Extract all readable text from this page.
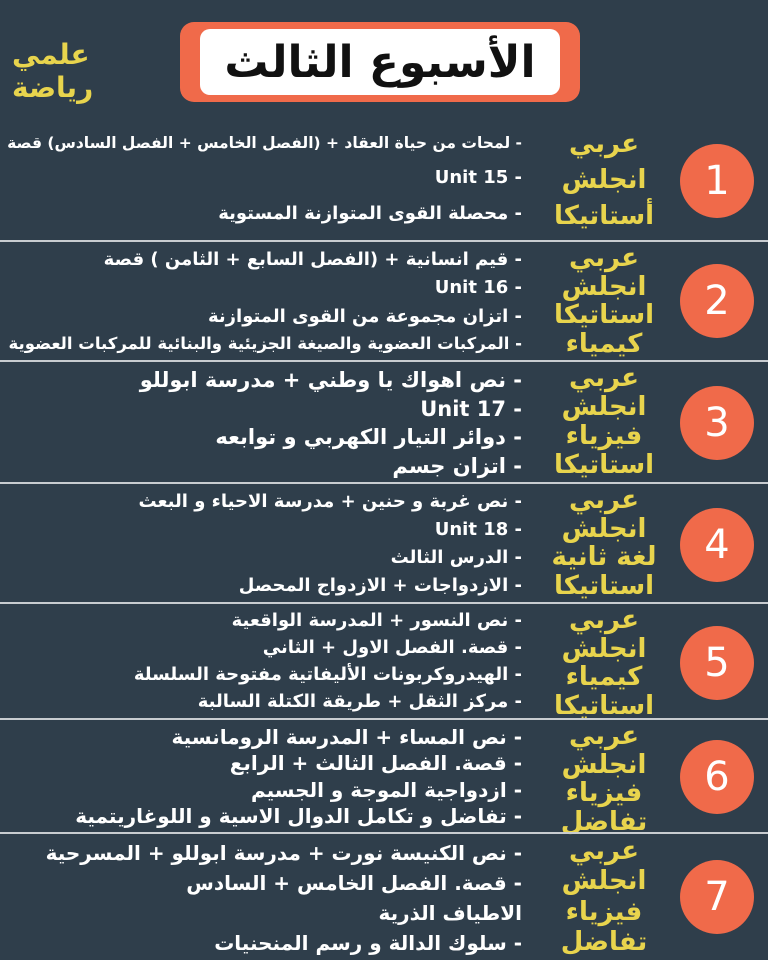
الأسبوع الثالث
علمي رياضة
- لمحات من حياة العقاد + (الفصل الخامس + الفصل السادس) قصة
- Unit 15
- محصلة القوى المتوازنة المستوية
عربي
انجلش
أستاتيكا
1
- قيم انسانية + (الفصل السابع + الثامن ) قصة
- Unit 16
- اتزان مجموعة من القوى المتوازنة
- المركبات العضوية والصيغة الجزيئية والبنائية للمركبات العضوية
عربي
انجلش
استاتيكا
كيمياء
2
- نص اهواك يا وطني + مدرسة ابوللو
- Unit 17
- دوائر التيار الكهربي و توابعه
- اتزان جسم
عربي
انجلش
فيزياء
استاتيكا
3
- نص غربة و حنين + مدرسة الاحياء و البعث
- Unit 18
- الدرس الثالث
- الازدواجات + الازدواج المحصل
عربي
انجلش
لغة ثانية
استاتيكا
4
- نص النسور + المدرسة الواقعية
- قصة. الفصل الاول + الثاني
- الهيدروكربونات الأليفاتية مفتوحة السلسلة
- مركز الثقل + طريقة الكتلة السالبة
عربي
انجلش
كيمياء
استاتيكا
5
- نص المساء + المدرسة الرومانسية
- قصة. الفصل الثالث + الرابع
- ازدواجية الموجة و الجسيم
- تفاضل و تكامل الدوال الاسية و اللوغاريتمية
عربي
انجلش
فيزياء
تفاضل
6
- نص الكنيسة نورت + مدرسة ابوللو + المسرحية
- قصة. الفصل الخامس + السادس
الاطياف الذرية
- سلوك الدالة و رسم المنحنيات
عربي
انجلش
فيزياء
تفاضل
7
